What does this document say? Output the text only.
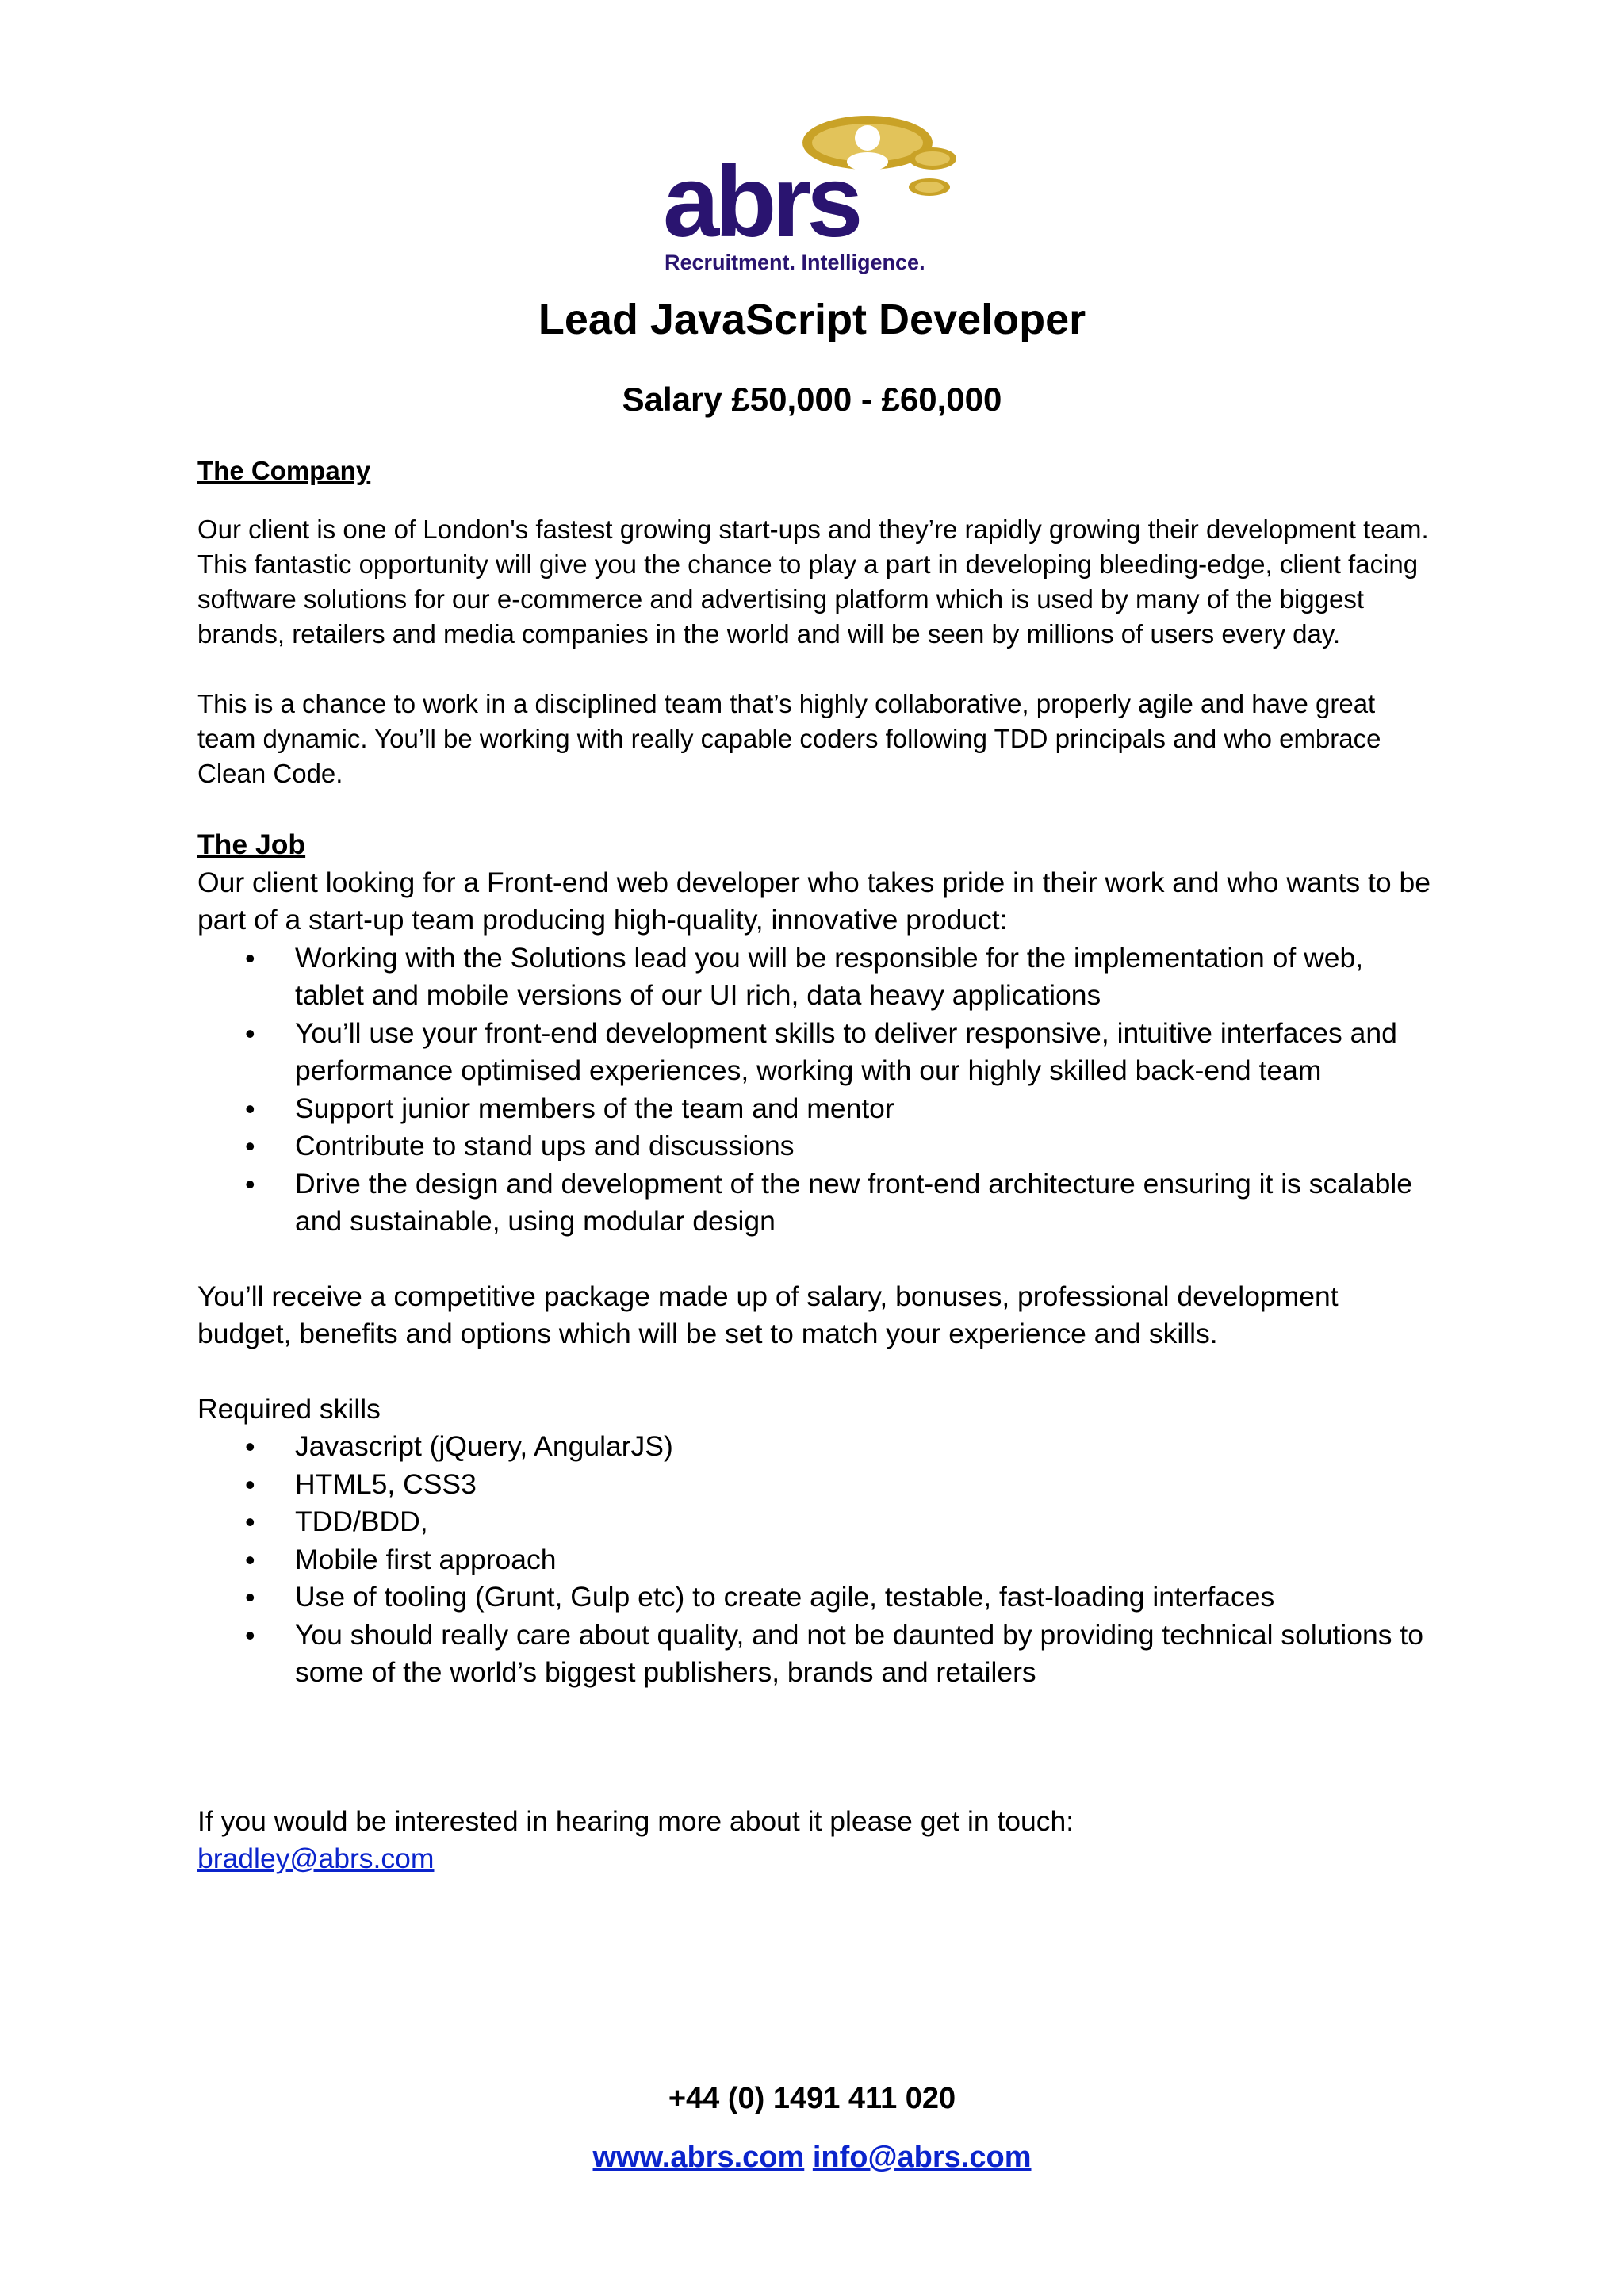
abrs
Recruitment. Intelligence.
Lead JavaScript Developer
Salary £50,000 - £60,000

The Company

Our client is one of London's fastest growing start-ups and they’re rapidly growing their development team. This fantastic opportunity will give you the chance to play a part in developing bleeding-edge, client facing software solutions for our e-commerce and advertising platform which is used by many of the biggest brands, retailers and media companies in the world and will be seen by millions of users every day.

This is a chance to work in a disciplined team that’s highly collaborative, properly agile and have great team dynamic. You’ll be working with really capable coders following TDD principals and who embrace Clean Code.

The Job

Our client looking for a Front-end web developer who takes pride in their work and who wants to be part of a start-up team producing high-quality, innovative product:

• Working with the Solutions lead you will be responsible for the implementation of web, tablet and mobile versions of our UI rich, data heavy applications
• You’ll use your front-end development skills to deliver responsive, intuitive interfaces and performance optimised experiences, working with our highly skilled back-end team
• Support junior members of the team and mentor
• Contribute to stand ups and discussions
• Drive the design and development of the new front-end architecture ensuring it is scalable and sustainable, using modular design

You’ll receive a competitive package made up of salary, bonuses, professional development budget, benefits and options which will be set to match your experience and skills.

Required skills

• Javascript (jQuery, AngularJS)
• HTML5, CSS3
• TDD/BDD,
• Mobile first approach
• Use of tooling (Grunt, Gulp etc) to create agile, testable, fast-loading interfaces
• You should really care about quality, and not be daunted by providing technical solutions to some of the world’s biggest publishers, brands and retailers

If you would be interested in hearing more about it please get in touch:

bradley@abrs.com

+44 (0) 1491 411 020

www.abrs.com info@abrs.com
